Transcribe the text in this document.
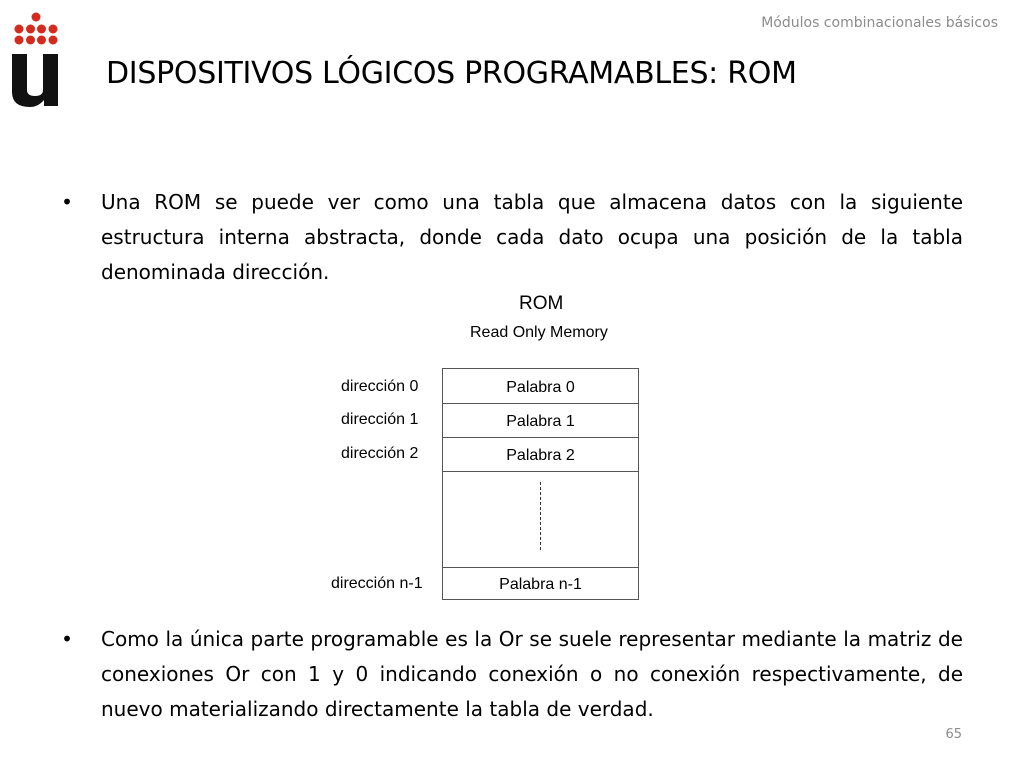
Módulos combinacionales básicos
DISPOSITIVOS LÓGICOS PROGRAMABLES: ROM
• Una ROM se puede ver como una tabla que almacena datos con la siguiente estructura interna abstracta, donde cada dato ocupa una posición de la tabla denominada dirección.
ROM
Read Only Memory
dirección 0
dirección 1
dirección 2
dirección n-1
Palabra 0
Palabra 1
Palabra 2
Palabra n-1
• Como la única parte programable es la Or se suele representar mediante la matriz de conexiones Or con 1 y 0 indicando conexión o no conexión respectivamente, de nuevo materializando directamente la tabla de verdad.
65
